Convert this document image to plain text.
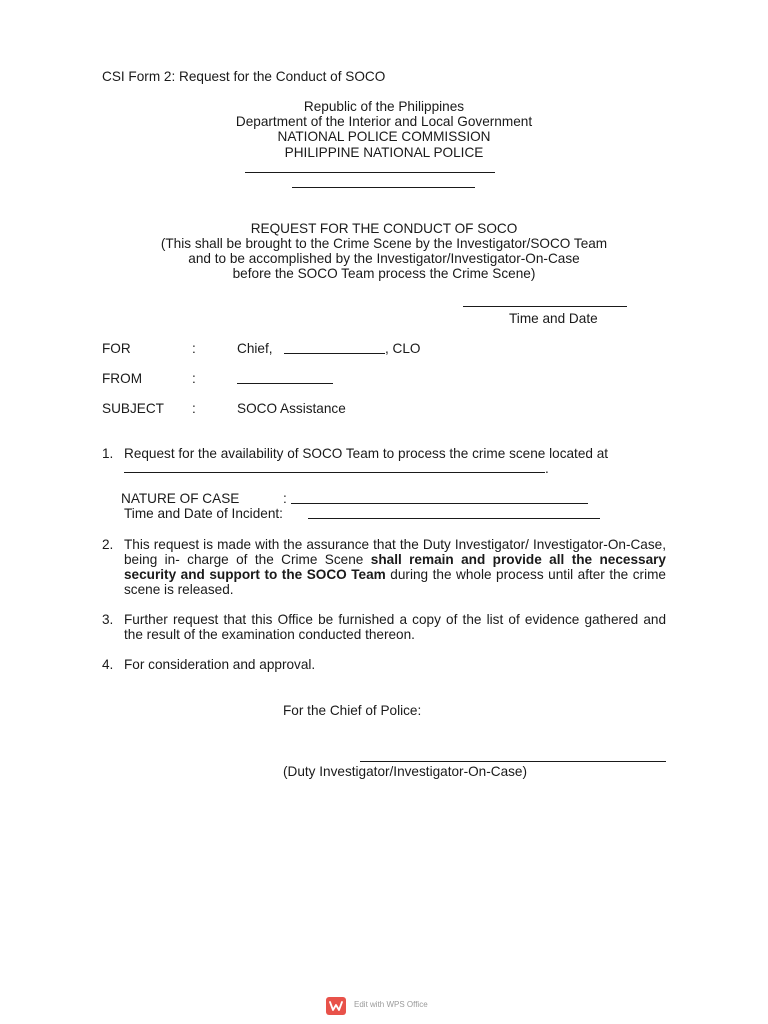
CSI Form 2: Request for the Conduct of SOCO
Republic of the Philippines
Department of the Interior and Local Government
NATIONAL POLICE COMMISSION
PHILIPPINE NATIONAL POLICE
REQUEST FOR THE CONDUCT OF SOCO
(This shall be brought to the Crime Scene by the Investigator/SOCO Team
and to be accomplished by the Investigator/Investigator-On-Case
before the SOCO Team process the Crime Scene)
Time and Date
FOR	:	Chief,	, CLO
FROM	:
SUBJECT :	SOCO Assistance
1. Request for the availability of SOCO Team to process the crime scene located at
.
NATURE OF CASE	:
Time and Date of Incident:
2. This request is made with the assurance that the Duty Investigator/ Investigator-On-Case, being in- charge of the Crime Scene shall remain and provide all the necessary security and support to the SOCO Team during the whole process until after the crime scene is released.
3. Further request that this Office be furnished a copy of the list of evidence gathered and the result of the examination conducted thereon.
4. For consideration and approval.
For the Chief of Police:
(Duty Investigator/Investigator-On-Case)
Edit with WPS Office
